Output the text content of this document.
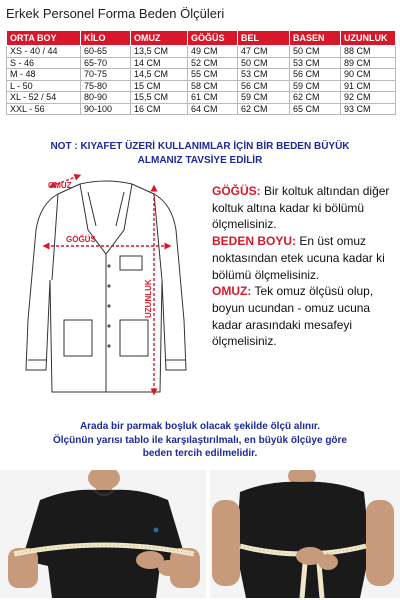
Erkek Personel Forma Beden Ölçüleri
ORTA BOY	KİLO	OMUZ	GÖĞÜS	BEL	BASEN	UZUNLUK
XS - 40 / 44	60-65	13,5 CM	49 CM	47 CM	50 CM	88 CM
S - 46	65-70	14 CM	52 CM	50 CM	53 CM	89 CM
M - 48	70-75	14,5 CM	55 CM	53 CM	56 CM	90 CM
L - 50	75-80	15 CM	58 CM	56 CM	59 CM	91 CM
XL - 52 / 54	80-90	15,5 CM	61 CM	59 CM	62 CM	92 CM
XXL - 56	90-100	16 CM	64 CM	62 CM	65 CM	93 CM
NOT : KIYAFET ÜZERİ KULLANIMLAR İÇİN BİR BEDEN BÜYÜK
ALMANIZ TAVSİYE EDİLİR
OMUZ
GÖĞÜS
UZUNLUK
GÖĞÜS: Bir koltuk altından diğer koltuk altına kadar ki bölümü ölçmelisiniz.
BEDEN BOYU: En üst omuz noktasından etek ucuna kadar ki bölümü ölçmelisiniz.
OMUZ: Tek omuz ölçüsü olup, boyun ucundan - omuz ucuna kadar arasındaki mesafeyi ölçmelisiniz.
Arada bir parmak boşluk olacak şekilde ölçü alınır.
Ölçünün yarısı tablo ile karşılaştırılmalı, en büyük ölçüye göre
beden tercih edilmelidir.
